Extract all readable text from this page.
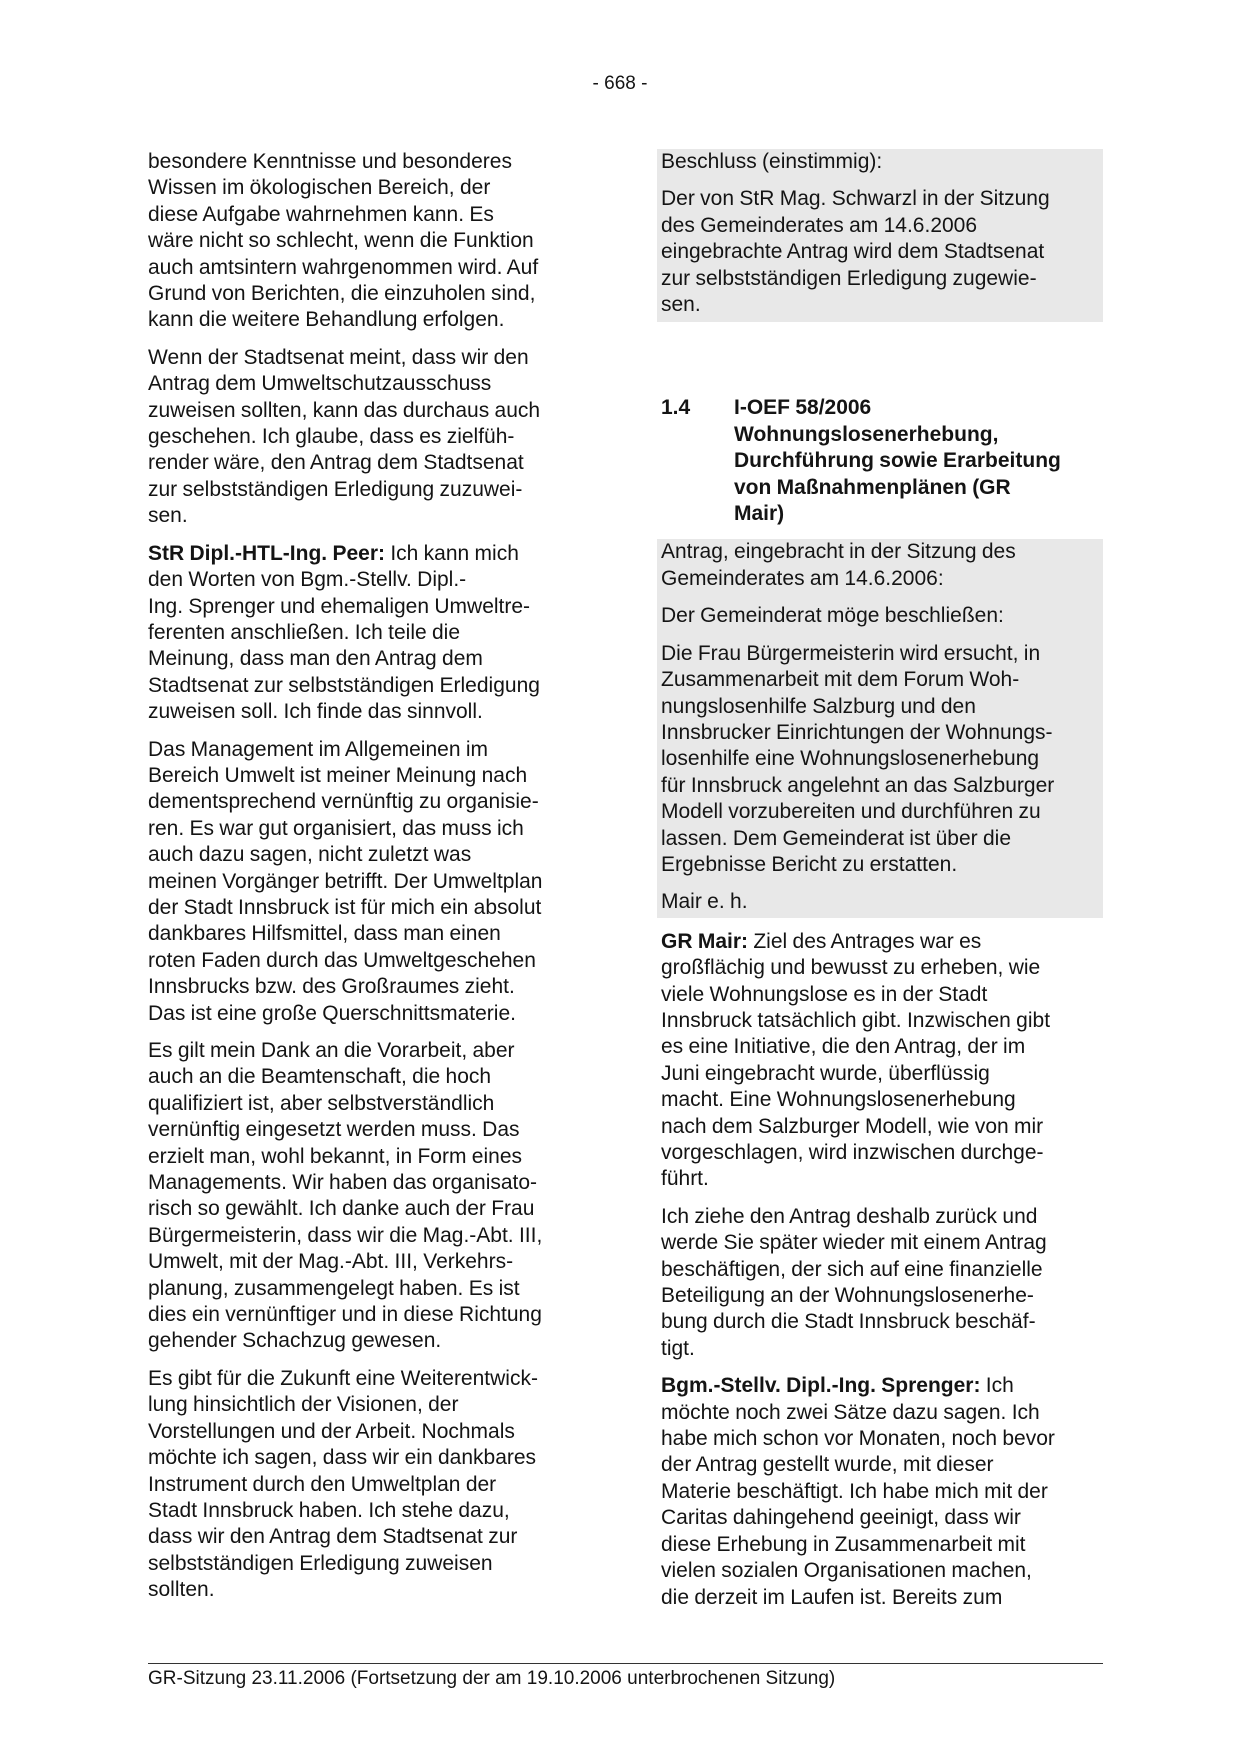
- 668 -

besondere Kenntnisse und besonderes
Wissen im ökologischen Bereich, der
diese Aufgabe wahrnehmen kann. Es
wäre nicht so schlecht, wenn die Funktion
auch amtsintern wahrgenommen wird. Auf
Grund von Berichten, die einzuholen sind,
kann die weitere Behandlung erfolgen.

Wenn der Stadtsenat meint, dass wir den
Antrag dem Umweltschutzausschuss
zuweisen sollten, kann das durchaus auch
geschehen. Ich glaube, dass es zielfüh-
render wäre, den Antrag dem Stadtsenat
zur selbstständigen Erledigung zuzuwei-
sen.

StR Dipl.-HTL-Ing. Peer: Ich kann mich
den Worten von Bgm.-Stellv. Dipl.-
Ing. Sprenger und ehemaligen Umweltre-
ferenten anschließen. Ich teile die
Meinung, dass man den Antrag dem
Stadtsenat zur selbstständigen Erledigung
zuweisen soll. Ich finde das sinnvoll.

Das Management im Allgemeinen im
Bereich Umwelt ist meiner Meinung nach
dementsprechend vernünftig zu organisie-
ren. Es war gut organisiert, das muss ich
auch dazu sagen, nicht zuletzt was
meinen Vorgänger betrifft. Der Umweltplan
der Stadt Innsbruck ist für mich ein absolut
dankbares Hilfsmittel, dass man einen
roten Faden durch das Umweltgeschehen
Innsbrucks bzw. des Großraumes zieht.
Das ist eine große Querschnittsmaterie.

Es gilt mein Dank an die Vorarbeit, aber
auch an die Beamtenschaft, die hoch
qualifiziert ist, aber selbstverständlich
vernünftig eingesetzt werden muss. Das
erzielt man, wohl bekannt, in Form eines
Managements. Wir haben das organisato-
risch so gewählt. Ich danke auch der Frau
Bürgermeisterin, dass wir die Mag.-Abt. III,
Umwelt, mit der Mag.-Abt. III, Verkehrs-
planung, zusammengelegt haben. Es ist
dies ein vernünftiger und in diese Richtung
gehender Schachzug gewesen.

Es gibt für die Zukunft eine Weiterentwick-
lung hinsichtlich der Visionen, der
Vorstellungen und der Arbeit. Nochmals
möchte ich sagen, dass wir ein dankbares
Instrument durch den Umweltplan der
Stadt Innsbruck haben. Ich stehe dazu,
dass wir den Antrag dem Stadtsenat zur
selbstständigen Erledigung zuweisen
sollten.

Beschluss (einstimmig):

Der von StR Mag. Schwarzl in der Sitzung
des Gemeinderates am 14.6.2006
eingebrachte Antrag wird dem Stadtsenat
zur selbstständigen Erledigung zugewie-
sen.

1.4	I-OEF 58/2006
Wohnungslosenerhebung,
Durchführung sowie Erarbeitung
von Maßnahmenplänen (GR
Mair)

Antrag, eingebracht in der Sitzung des
Gemeinderates am 14.6.2006:

Der Gemeinderat möge beschließen:

Die Frau Bürgermeisterin wird ersucht, in
Zusammenarbeit mit dem Forum Woh-
nungslosenhilfe Salzburg und den
Innsbrucker Einrichtungen der Wohnungs-
losenhilfe eine Wohnungslosenerhebung
für Innsbruck angelehnt an das Salzburger
Modell vorzubereiten und durchführen zu
lassen. Dem Gemeinderat ist über die
Ergebnisse Bericht zu erstatten.

Mair e. h.

GR Mair: Ziel des Antrages war es
großflächig und bewusst zu erheben, wie
viele Wohnungslose es in der Stadt
Innsbruck tatsächlich gibt. Inzwischen gibt
es eine Initiative, die den Antrag, der im
Juni eingebracht wurde, überflüssig
macht. Eine Wohnungslosenerhebung
nach dem Salzburger Modell, wie von mir
vorgeschlagen, wird inzwischen durchge-
führt.

Ich ziehe den Antrag deshalb zurück und
werde Sie später wieder mit einem Antrag
beschäftigen, der sich auf eine finanzielle
Beteiligung an der Wohnungslosenerhe-
bung durch die Stadt Innsbruck beschäf-
tigt.

Bgm.-Stellv. Dipl.-Ing. Sprenger: Ich
möchte noch zwei Sätze dazu sagen. Ich
habe mich schon vor Monaten, noch bevor
der Antrag gestellt wurde, mit dieser
Materie beschäftigt. Ich habe mich mit der
Caritas dahingehend geeinigt, dass wir
diese Erhebung in Zusammenarbeit mit
vielen sozialen Organisationen machen,
die derzeit im Laufen ist. Bereits zum

GR-Sitzung 23.11.2006 (Fortsetzung der am 19.10.2006 unterbrochenen Sitzung)
